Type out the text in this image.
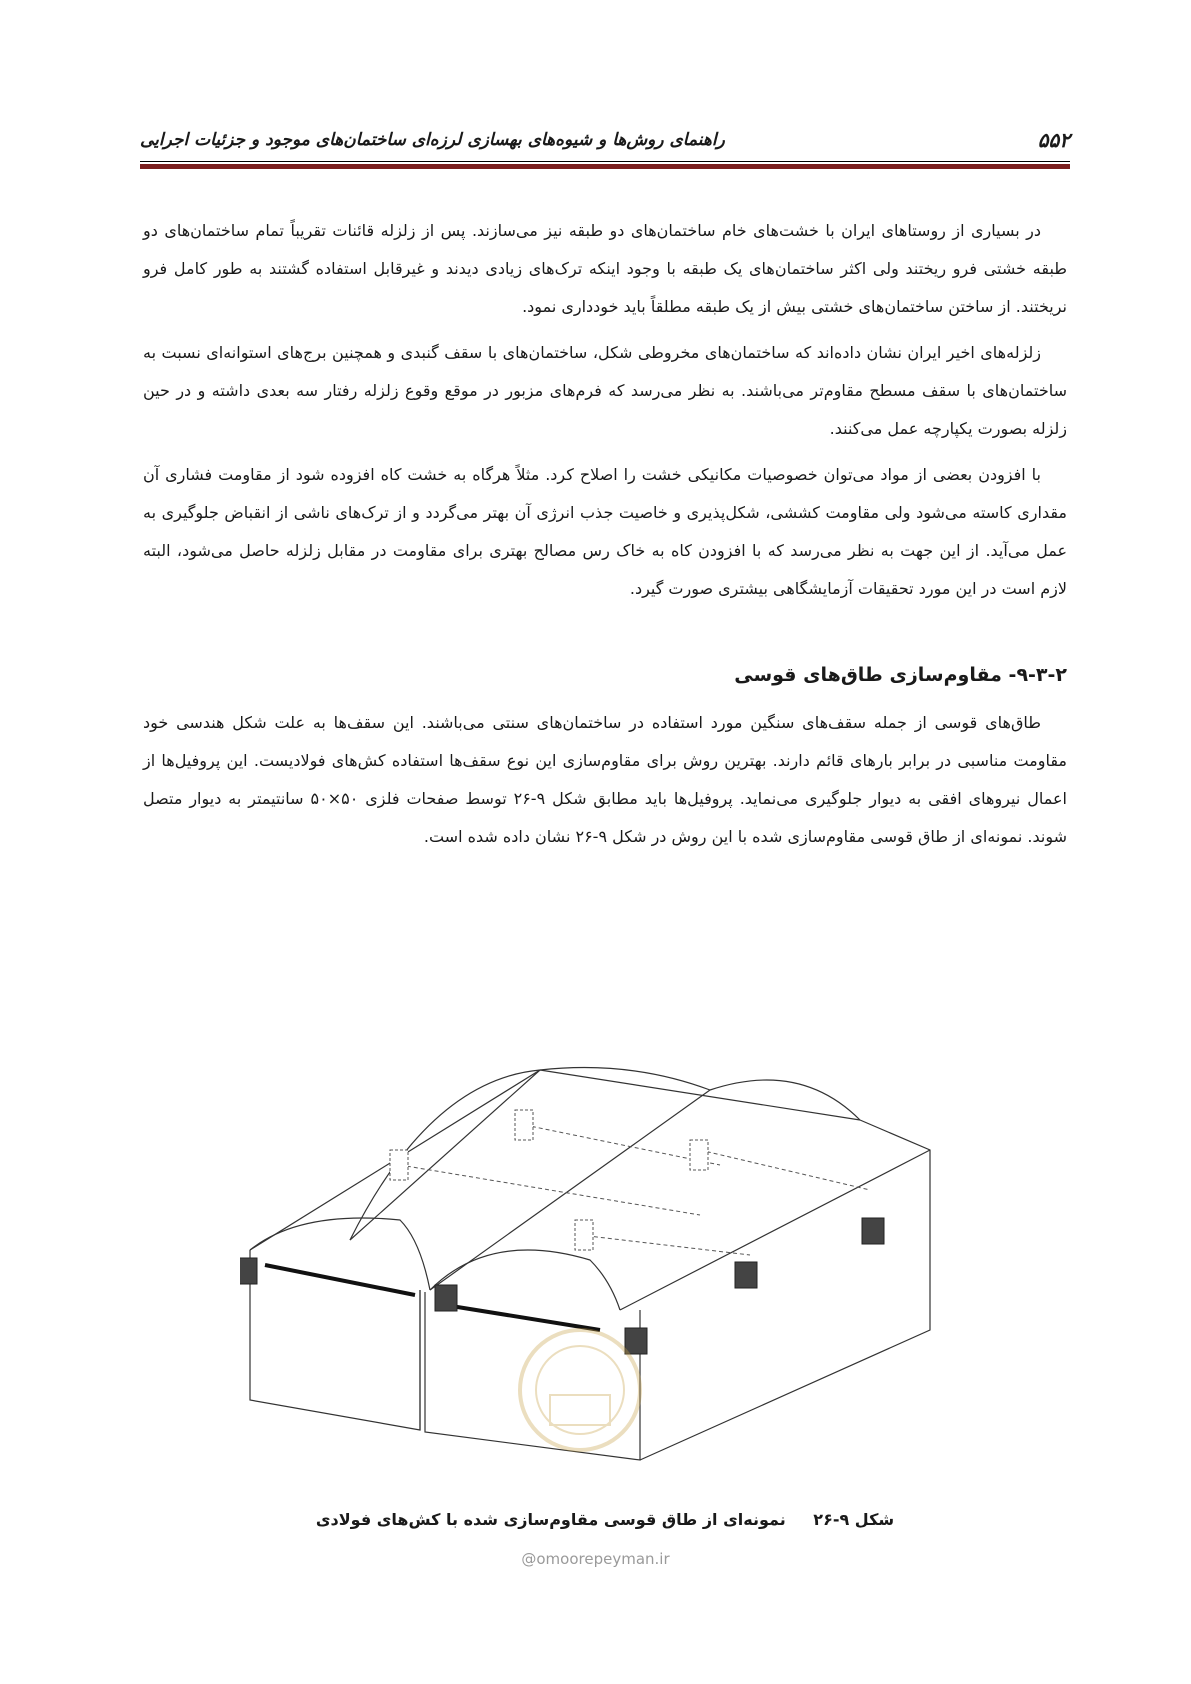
۵۵۲
راهنمای روش‌ها و شیوه‌های بهسازی لرزه‌ای ساختمان‌های موجود و جزئیات اجرایی

در بسیاری از روستاهای ایران با خشت‌های خام ساختمان‌های دو طبقه نیز می‌سازند. پس از زلزله قائنات تقریباً تمام ساختمان‌های دو طبقه خشتی فرو ریختند ولی اکثر ساختمان‌های یک طبقه با وجود اینکه ترک‌های زیادی دیدند و غیرقابل استفاده گشتند به طور کامل فرو نریختند. از ساختن ساختمان‌های خشتی بیش از یک طبقه مطلقاً باید خودداری نمود.

زلزله‌های اخیر ایران نشان داده‌اند که ساختمان‌های مخروطی شکل، ساختمان‌های با سقف گنبدی و همچنین برج‌های استوانه‌ای نسبت به ساختمان‌های با سقف مسطح مقاوم‌تر می‌باشند. به نظر می‌رسد که فرم‌های مزبور در موقع وقوع زلزله رفتار سه بعدی داشته و در حین زلزله بصورت یکپارچه عمل می‌کنند.

با افزودن بعضی از مواد می‌توان خصوصیات مکانیکی خشت را اصلاح کرد. مثلاً هرگاه به خشت کاه افزوده شود از مقاومت فشاری آن مقداری کاسته می‌شود ولی مقاومت کششی، شکل‌پذیری و خاصیت جذب انرژی آن بهتر می‌گردد و از ترک‌های ناشی از انقباض جلوگیری به عمل می‌آید. از این جهت به نظر می‌رسد که با افزودن کاه به خاک رس مصالح بهتری برای مقاومت در مقابل زلزله حاصل می‌شود، البته لازم است در این مورد تحقیقات آزمایشگاهی بیشتری صورت گیرد.

۹-۳-۲- مقاوم‌سازی طاق‌های قوسی

طاق‌های قوسی از جمله سقف‌های سنگین مورد استفاده در ساختمان‌های سنتی می‌باشند. این سقف‌ها به علت شکل هندسی خود مقاومت مناسبی در برابر بارهای قائم دارند. بهترین روش برای مقاوم‌سازی این نوع سقف‌ها استفاده کش‌های فولادیست. این پروفیل‌ها از اعمال نیروهای افقی به دیوار جلوگیری می‌نماید. پروفیل‌ها باید مطابق شکل ۹-۲۶ توسط صفحات فلزی ۵۰×۵۰ سانتیمتر به دیوار متصل شوند. نمونه‌ای از طاق قوسی مقاوم‌سازی شده با این روش در شکل ۹-۲۶ نشان داده شده است.

شکل ۹-۲۶ نمونه‌ای از طاق قوسی مقاوم‌سازی شده با کش‌های فولادی
@omoorepeyman.ir
